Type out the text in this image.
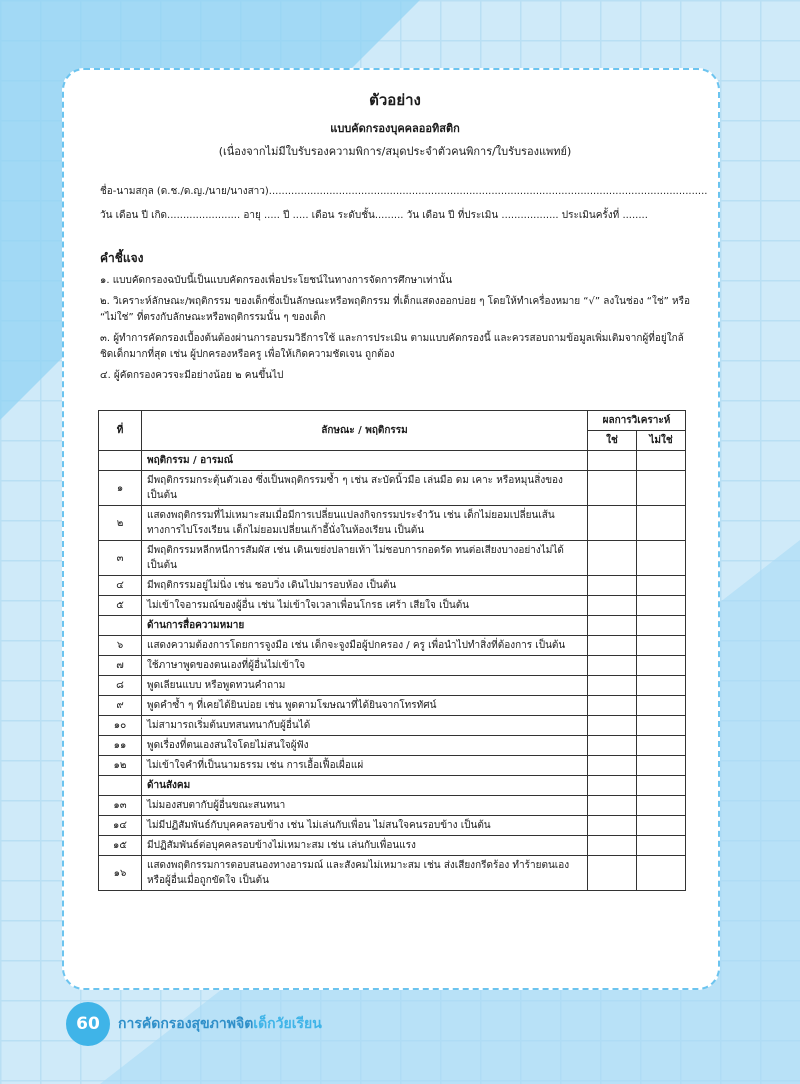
ตัวอย่าง
แบบคัดกรองบุคคลออทิสติก
(เนื่องจากไม่มีใบรับรองความพิการ/สมุดประจำตัวคนพิการ/ใบรับรองแพทย์)
ชื่อ-นามสกุล (ด.ช./ด.ญ./นาย/นางสาว)..........................................................................................................................................
วัน เดือน ปี เกิด....................... อายุ ..... ปี ..... เดือน ระดับชั้น......... วัน เดือน ปี ที่ประเมิน .................. ประเมินครั้งที่ ........
คำชี้แจง
๑. แบบคัดกรองฉบับนี้เป็นแบบคัดกรองเพื่อประโยชน์ในทางการจัดการศึกษาเท่านั้น
๒. วิเคราะห์ลักษณะ/พฤติกรรม ของเด็กซึ่งเป็นลักษณะหรือพฤติกรรม ที่เด็กแสดงออกบ่อย ๆ โดยให้ทำเครื่องหมาย “√” ลงในช่อง “ใช่” หรือ “ไม่ใช่” ที่ตรงกับลักษณะหรือพฤติกรรมนั้น ๆ ของเด็ก
๓. ผู้ทำการคัดกรองเบื้องต้นต้องผ่านการอบรมวิธีการใช้ และการประเมิน ตามแบบคัดกรองนี้ และควรสอบถามข้อมูลเพิ่มเติมจากผู้ที่อยู่ใกล้ชิดเด็กมากที่สุด เช่น ผู้ปกครองหรือครู เพื่อให้เกิดความชัดเจน ถูกต้อง
๔. ผู้คัดกรองควรจะมีอย่างน้อย ๒ คนขึ้นไป
ที่	ลักษณะ / พฤติกรรม	ผลการวิเคราะห์	
		ใช่	ไม่ใช่
	พฤติกรรม / อารมณ์		
๑	มีพฤติกรรมกระตุ้นตัวเอง ซึ่งเป็นพฤติกรรมซ้ำ ๆ เช่น สะบัดนิ้วมือ เล่นมือ ดม เคาะ หรือหมุนสิ่งของ เป็นต้น		
๒	แสดงพฤติกรรมที่ไม่เหมาะสมเมื่อมีการเปลี่ยนแปลงกิจกรรมประจำวัน เช่น เด็กไม่ยอมเปลี่ยนเส้นทางการไปโรงเรียน เด็กไม่ยอมเปลี่ยนเก้าอี้นั่งในห้องเรียน เป็นต้น		
๓	มีพฤติกรรมหลีกหนีการสัมผัส เช่น เดินเขย่งปลายเท้า ไม่ชอบการกอดรัด ทนต่อเสียงบางอย่างไม่ได้ เป็นต้น		
๔	มีพฤติกรรมอยู่ไม่นิ่ง เช่น ชอบวิ่ง เดินไปมารอบห้อง เป็นต้น		
๕	ไม่เข้าใจอารมณ์ของผู้อื่น เช่น ไม่เข้าใจเวลาเพื่อนโกรธ เศร้า เสียใจ เป็นต้น		
	ด้านการสื่อความหมาย		
๖	แสดงความต้องการโดยการจูงมือ เช่น เด็กจะจูงมือผู้ปกครอง / ครู เพื่อนำไปทำสิ่งที่ต้องการ เป็นต้น		
๗	ใช้ภาษาพูดของตนเองที่ผู้อื่นไม่เข้าใจ		
๘	พูดเลียนแบบ หรือพูดทวนคำถาม		
๙	พูดคำซ้ำ ๆ ที่เคยได้ยินบ่อย เช่น พูดตามโฆษณาที่ได้ยินจากโทรทัศน์		
๑๐	ไม่สามารถเริ่มต้นบทสนทนากับผู้อื่นได้		
๑๑	พูดเรื่องที่ตนเองสนใจโดยไม่สนใจผู้ฟัง		
๑๒	ไม่เข้าใจคำที่เป็นนามธรรม เช่น การเอื้อเฟื้อเผื่อแผ่		
	ด้านสังคม		
๑๓	ไม่มองสบตากับผู้อื่นขณะสนทนา		
๑๔	ไม่มีปฏิสัมพันธ์กับบุคคลรอบข้าง เช่น ไม่เล่นกับเพื่อน ไม่สนใจคนรอบข้าง เป็นต้น		
๑๕	มีปฏิสัมพันธ์ต่อบุคคลรอบข้างไม่เหมาะสม เช่น เล่นกับเพื่อนแรง		
๑๖	แสดงพฤติกรรมการตอบสนองทางอารมณ์ และสังคมไม่เหมาะสม เช่น ส่งเสียงกรีดร้อง ทำร้ายตนเองหรือผู้อื่นเมื่อถูกขัดใจ เป็นต้น		
60	การคัดกรองสุขภาพจิต เด็กวัยเรียน
